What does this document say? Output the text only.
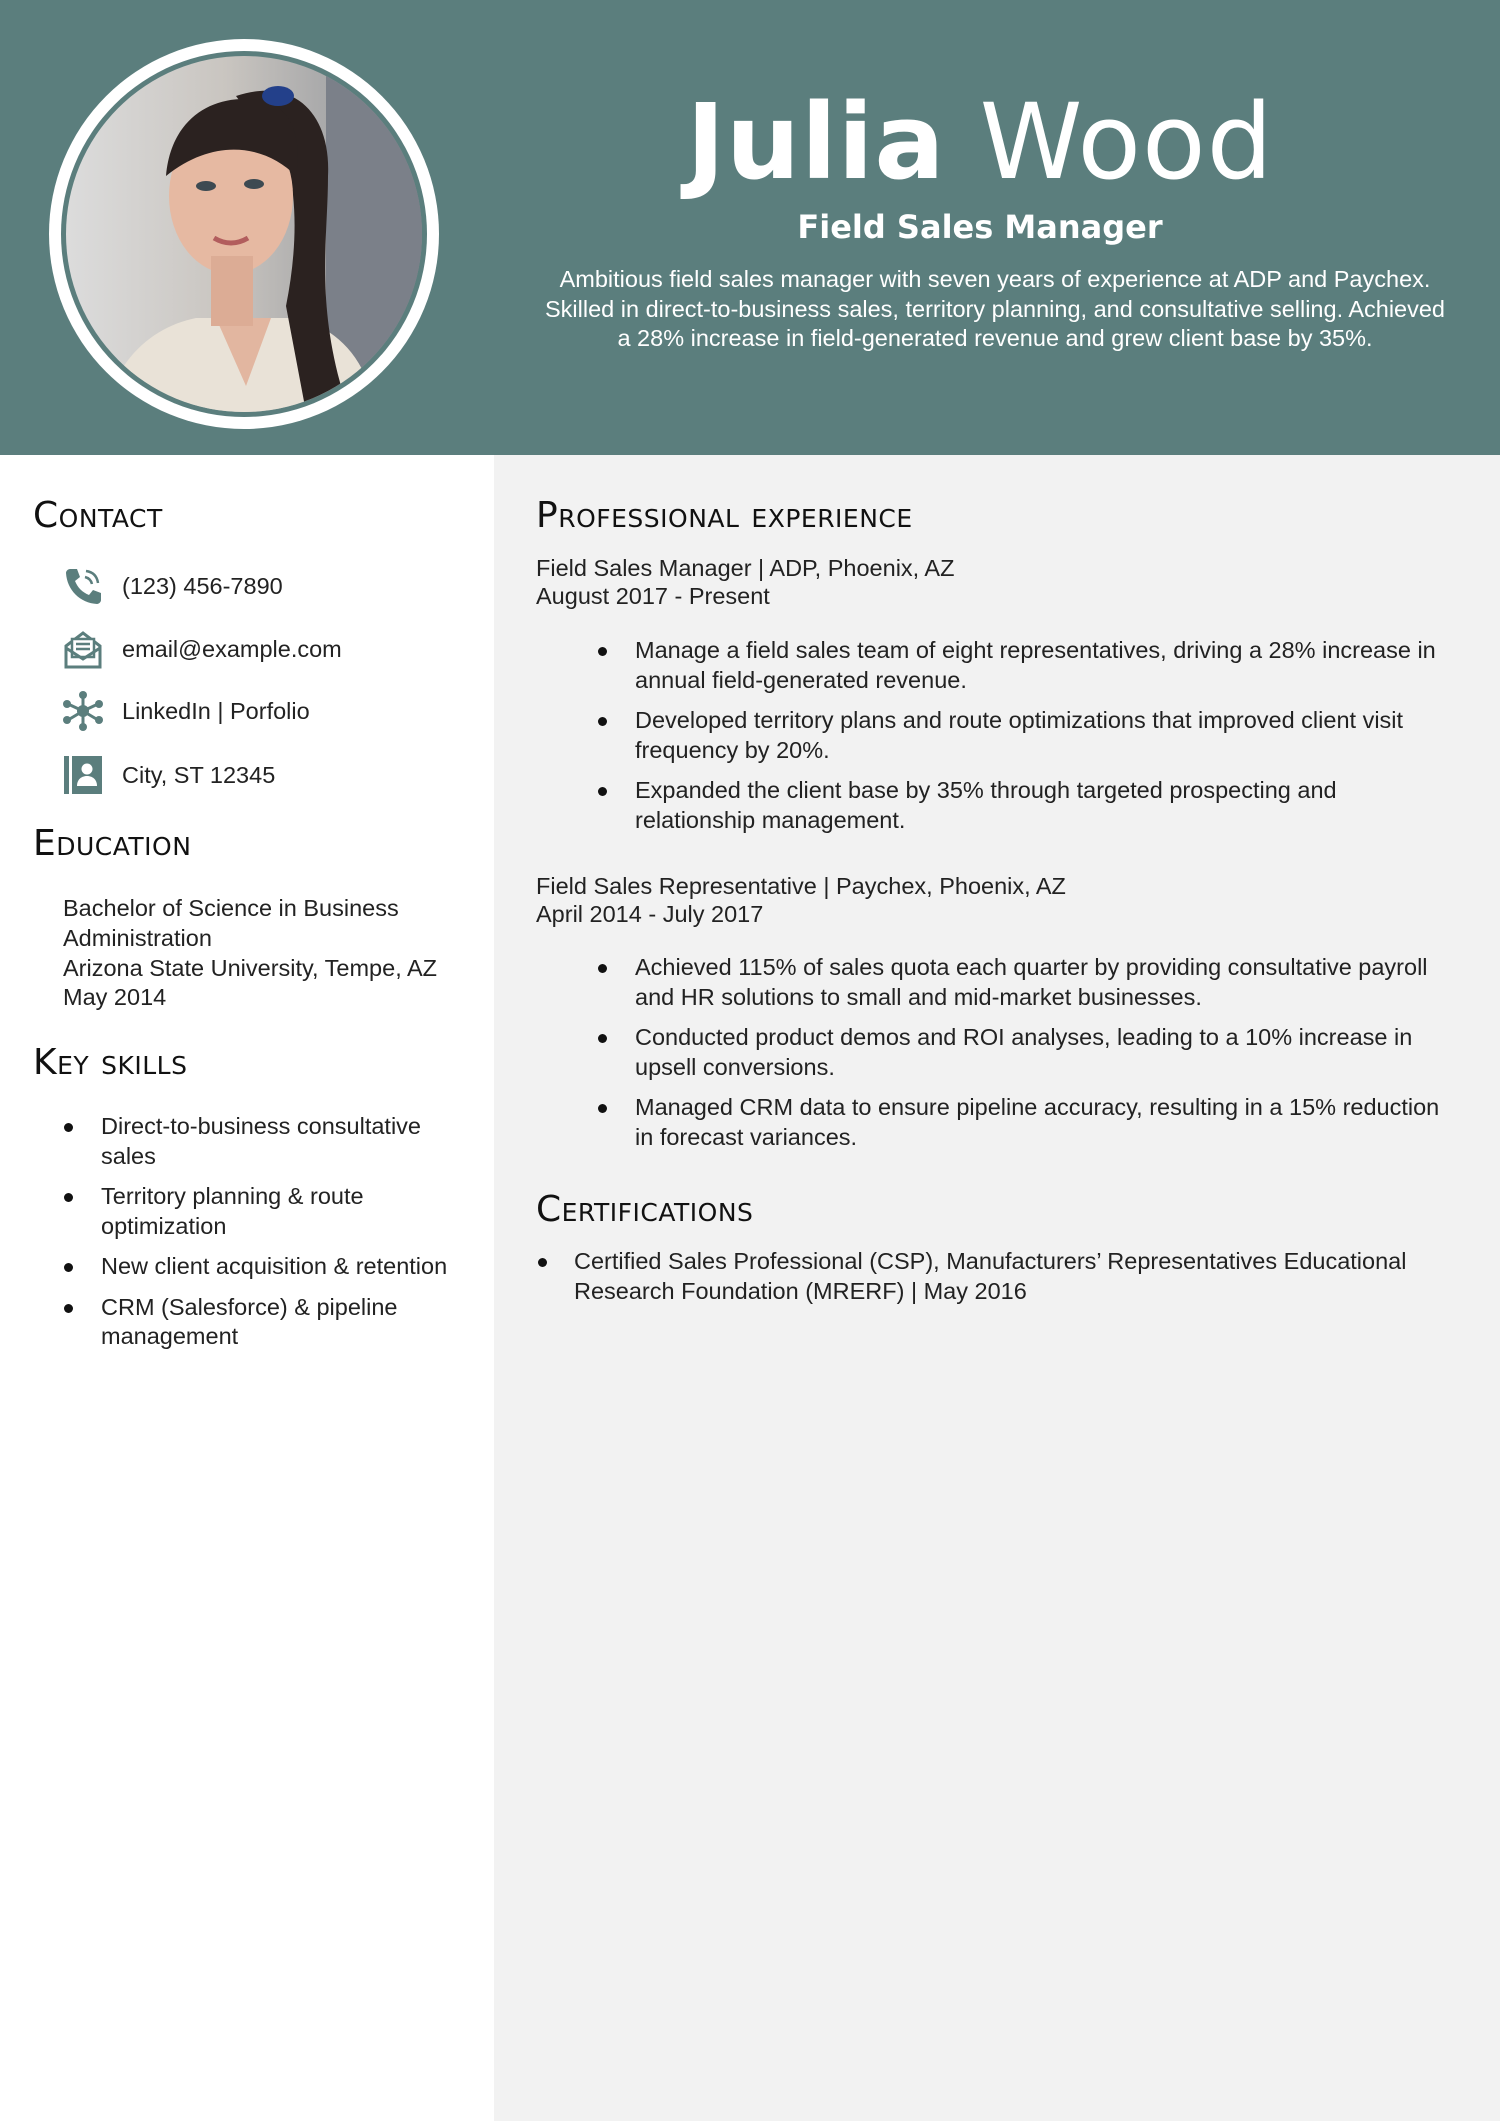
Julia Wood
Field Sales Manager
Ambitious field sales manager with seven years of experience at ADP and Paychex. Skilled in direct-to-business sales, territory planning, and consultative selling. Achieved a 28% increase in field-generated revenue and grew client base by 35%.
Contact
(123) 456-7890
email@example.com
LinkedIn | Porfolio
City, ST 12345
Education
Bachelor of Science in Business Administration
Arizona State University, Tempe, AZ
May 2014
Key skills
Direct-to-business consultative sales
Territory planning & route optimization
New client acquisition & retention
CRM (Salesforce) & pipeline management
Professional experience
Field Sales Manager | ADP, Phoenix, AZ
August 2017 - Present
Manage a field sales team of eight representatives, driving a 28% increase in annual field-generated revenue.
Developed territory plans and route optimizations that improved client visit frequency by 20%.
Expanded the client base by 35% through targeted prospecting and relationship management.
Field Sales Representative | Paychex, Phoenix, AZ
April 2014 - July 2017
Achieved 115% of sales quota each quarter by providing consultative payroll and HR solutions to small and mid-market businesses.
Conducted product demos and ROI analyses, leading to a 10% increase in upsell conversions.
Managed CRM data to ensure pipeline accuracy, resulting in a 15% reduction in forecast variances.
Certifications
Certified Sales Professional (CSP), Manufacturers’ Representatives Educational Research Foundation (MRERF) | May 2016
